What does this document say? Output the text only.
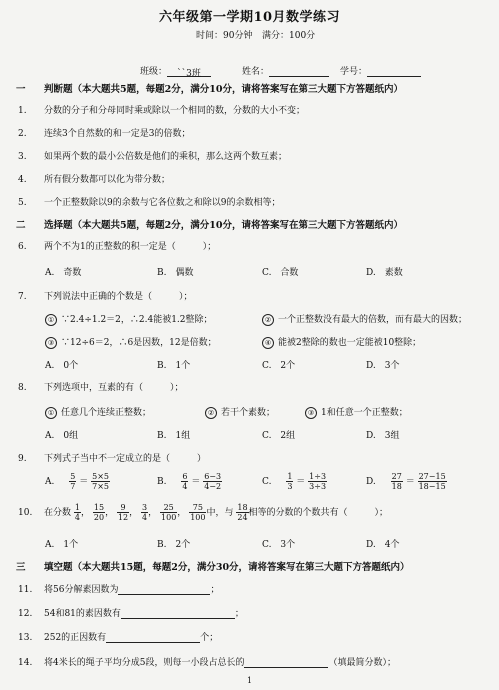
六年级第一学期10月数学练习
时间：90分钟 满分：100分
班级： ``3班	姓名：	学号：
一 判断题（本大题共5题，每题2分，满分10分，请将答案写在第三大题下方答题纸内）
1. 分数的分子和分母同时乘或除以一个相同的数，分数的大小不变；
2. 连续3个自然数的和一定是3的倍数；
3. 如果两个数的最小公倍数是他们的乘积，那么这两个数互素；
4. 所有假分数都可以化为带分数；
5. 一个正整数除以9的余数与它各位数之和除以9的余数相等；
二 选择题（本大题共5题，每题2分，满分10分，请将答案写在第三大题下方答题纸内）
6. 两个不为1的正整数的积一定是（　　　）；
A.　奇数	B.　偶数	C.　合数	D.　素数
7. 下列说法中正确的个数是（　　　）；
① ∵2.4÷1.2＝2，∴2.4能被1.2整除；	② 一个正整数没有最大的倍数，而有最大的因数；
③ ∵12÷6＝2，∴6是因数，12是倍数；	④ 能被2整除的数也一定能被10整除；
A.　0个	B.　1个	C.　2个	D.　3个
8. 下列选项中，互素的有（　　　）；
① 任意几个连续正整数；	② 若干个素数；	③ 1和任意一个正整数；
A.　0组	B.　1组	C.　2组	D.　3组
9. 下列式子当中不一定成立的是（　　　）
A. $\frac{5}{7} = \frac{5\times 5}{7\times 5}$	B. $\frac{6}{4} = \frac{6-3}{4-2}$	C. $\frac{1}{3} = \frac{1\div 3}{3\div 3}$	D. $\frac{27}{18} = \frac{27-15}{18-15}$
10. 在分数 $\frac{1}{4}$ ， $\frac{15}{20}$ ， $\frac{9}{12}$ ， $\frac{3}{4}$ ， $\frac{25}{100}$ ， $\frac{75}{100}$ 中，与 $\frac{18}{24}$ 相等的分数的个数共有（　　　）；
A.　1个	B.　2个	C.　3个	D.　4个
三 填空题（本大题共15题，每题2分，满分30分，请将答案写在第三大题下方答题纸内）
11. 将56分解素因数为	；
12. 54和81的素因数有	；
13. 252的正因数有	个；
14. 将4米长的绳子平均分成5段，则每一小段占总长的	（填最简分数）；
1
